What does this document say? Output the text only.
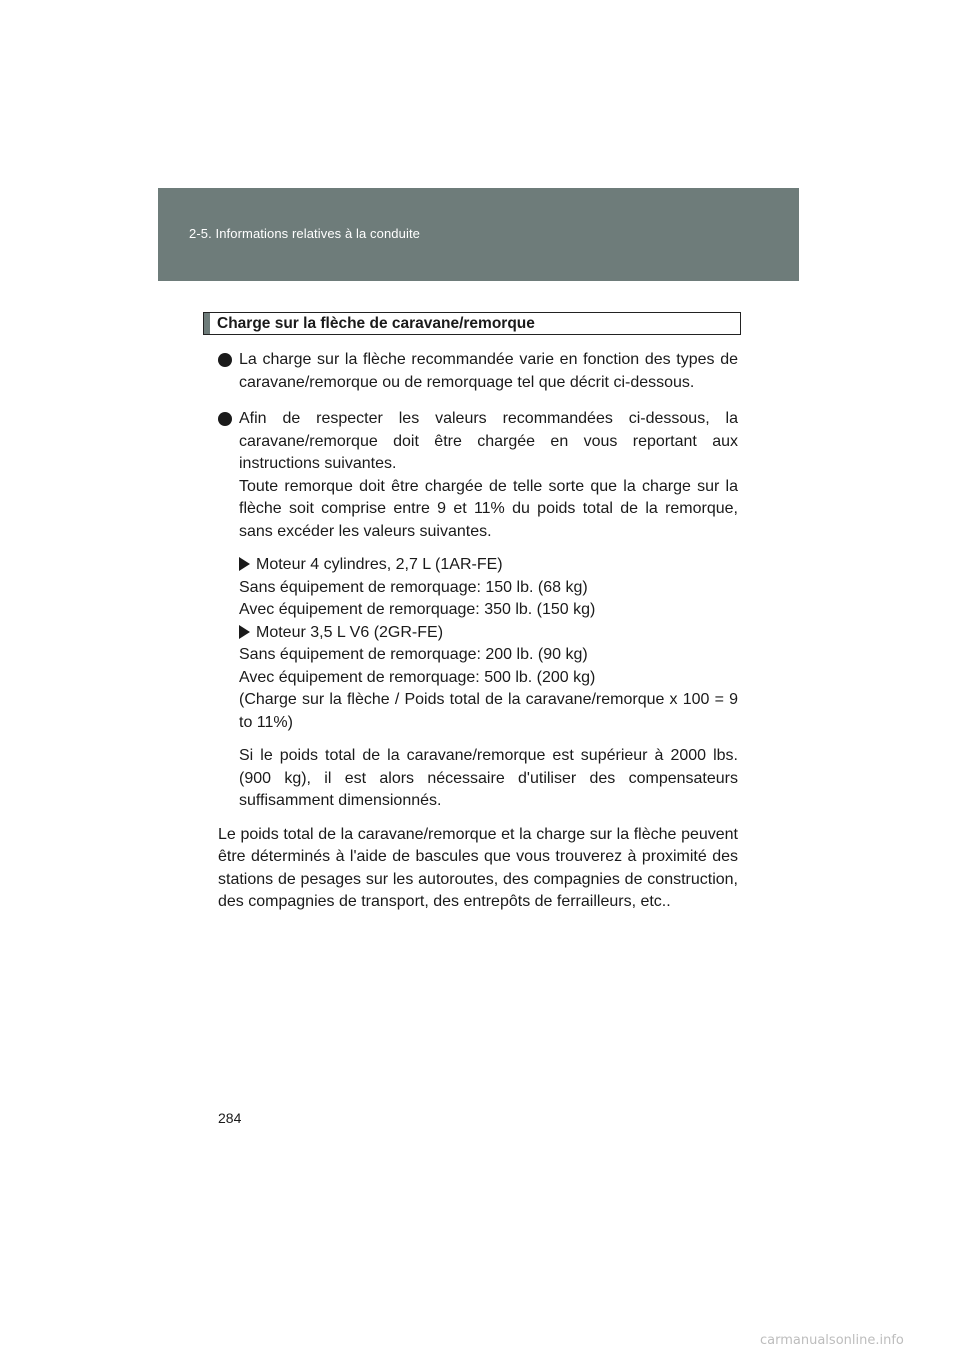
2-5. Informations relatives à la conduite
Charge sur la flèche de caravane/remorque
La charge sur la flèche recommandée varie en fonction des types de caravane/remorque ou de remorquage tel que décrit ci-dessous.
Afin de respecter les valeurs recommandées ci-dessous, la caravane/remorque doit être chargée en vous reportant aux instructions suivantes.
Toute remorque doit être chargée de telle sorte que la charge sur la flèche soit comprise entre 9 et 11% du poids total de la remorque, sans excéder les valeurs suivantes.
Moteur 4 cylindres, 2,7 L (1AR-FE)
Sans équipement de remorquage: 150 lb. (68 kg)
Avec équipement de remorquage: 350 lb. (150 kg)
Moteur 3,5 L V6 (2GR-FE)
Sans équipement de remorquage: 200 lb. (90 kg)
Avec équipement de remorquage: 500 lb. (200 kg)
(Charge sur la flèche / Poids total de la caravane/remorque x 100 = 9 to 11%)
Si le poids total de la caravane/remorque est supérieur à 2000 lbs. (900 kg), il est alors nécessaire d'utiliser des compensateurs suffisamment dimensionnés.
Le poids total de la caravane/remorque et la charge sur la flèche peuvent être déterminés à l'aide de bascules que vous trouverez à proximité des stations de pesages sur les autoroutes, des compagnies de construction, des compagnies de transport, des entrepôts de ferrailleurs, etc..
284
carmanualsonline.info
